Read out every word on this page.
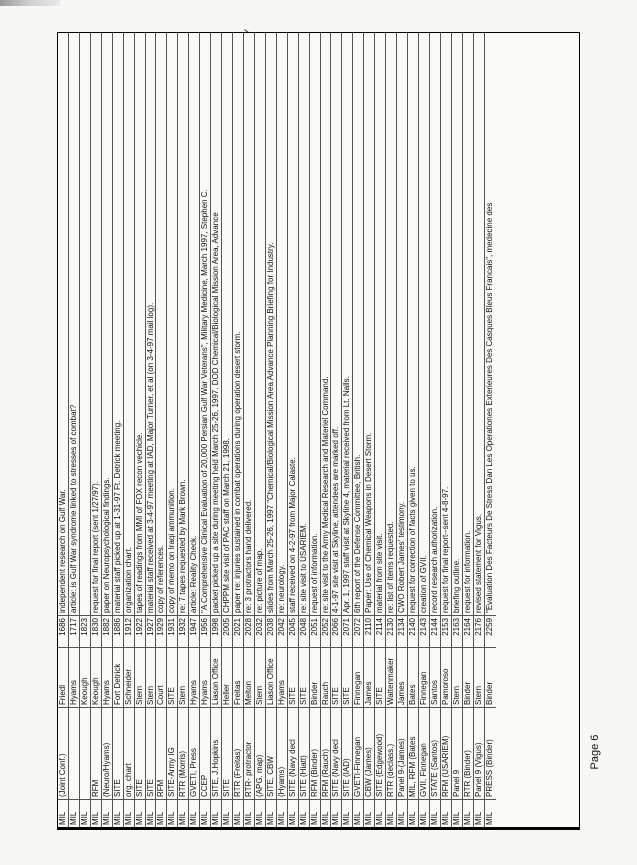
MIL
(Joint Conf.)
Friedl
1686
independent research on Gulf War.
MIL
Hyams
1717
article: is Gulf War syndrome linked to stresses of combat?
MIL
Keough
1823
MIL
RFM
Keough
1830
request for final report (sent 1/27/97).
MIL
(Neuro/Hyams)
Hyams
1882
paper on Neuropsychological findings.
MIL
SITE
Fort Detrick
1886
material staff picked up at 1-31-97 Ft. Detrick meeting.
MIL
org. chart
Schneider
1912
organization chart.
MIL
SITE
Stern
1922
tapes of readings from MMI of FOX recon vechicle.
MIL
SITE
Stern
1927
material staff received at 3-4-97 meeting at IAD, Major Turner, et al (on 3-4-97 mail log).
MIL
RFM
Court
1929
copy of references.
MIL
SITE-Army IG
SITE
1931
copy of memo on Iraqi ammunition.
MIL
RTR (Morris)
Stern
1932
re: 7 tapes requested by Mark Brown.
MIL
GVETI, Press
Hyams
1947
article: Reality Check.
MIL
CCEP
Hyams
1956
"A Comprehensive Clinical Evaluation of 20,000 Persian Gulf War Veterans", Military Medicine, March 1997, Stephen C.
MIL
SITE, J.Hopkins
Liason Office
1998
packet picked up a site during meeting held March 25-26, 1997. DOD Chemical/Biological Mission Area, Advance
MIL
SITE
Heller
2005
CHPPM site visit of PAC staff on March 21, 1998.
MIL
RTR (Freitas)
Freitas
2021
paper re: injuries sustained in combat operations during operation desert storm.
MIL
RTR- protractor
Melton
2028
re: 3 protractors hand delivered.
MIL
(APG. map)
Stern
2032
re: picture of map.
MIL
SITE, CBW
Liason Office
2038
slides from March 25-26, 1997 "Chemical/Biological Mission Area Advance Planning Briefing for Industry.
MIL
(Hyams)
Hyams
2042
re: neurology.
MIL
SITE (Navy decl
SITE
2045
staff received on 4-2-97 from Major Calaste.
MIL
SITE (Hiatt)
SITE
2048
re: site visit to USARIEM.
MIL
RFM (Binder)
Binder
2051
request of information.
MIL
RFM (Rauch)
Rauch
2052
re: site visit to the Army Medical Research and Materiel Command.
MIL
SITE (Navy decl
SITE
2066
4-1-97 site visit at Skyline, attendees are marked off.
MIL
SITE (IAD)
SITE
2071
Apr. 1, 1997 staff visit at Skyline 4, material received from Lt. Nalls.
MIL
GVETI-Finnegan
Finnegan
2072
6th report of the Defense Committee, British.
MIL
CBW (James)
James
2110
Paper: Use of Chemical Weapons in Desert Storm.
MIL
SITE (Edgewood)
SITE
2114
material from site visit.
MIL
RTR (declass.)
Wattenmaker
2130
re: list of items requested.
MIL
Panel 9-(James)
James
2134
CWO Robert James' testimony.
MIL
MIL, RFM (Bates
Bates
2140
request for correction of facts given to us.
MIL
GVII, Finnegan
Finnegan
2143
creation of GVII.
MIL
STATE (Santos)
Santos
2144
record research authorization.
MIL
RFM (USARIEM)
Pamoroso
2153
request for final report--sent 4-8-97.
MIL
Panel 9
Stern
2163
briefing outline.
MIL
RTR (Binder)
Binder
2164
request for information.
MIL
Panel 9 (Vigus)
Stern
2176
revised statement for Vigus.
MIL
PRESS (Binder)
Binder
2259
"Evaluation Des Facteurs De Stress Dan Les Operationes Exterieures Des Casques Bleus Francais", medecine des
Page 6
